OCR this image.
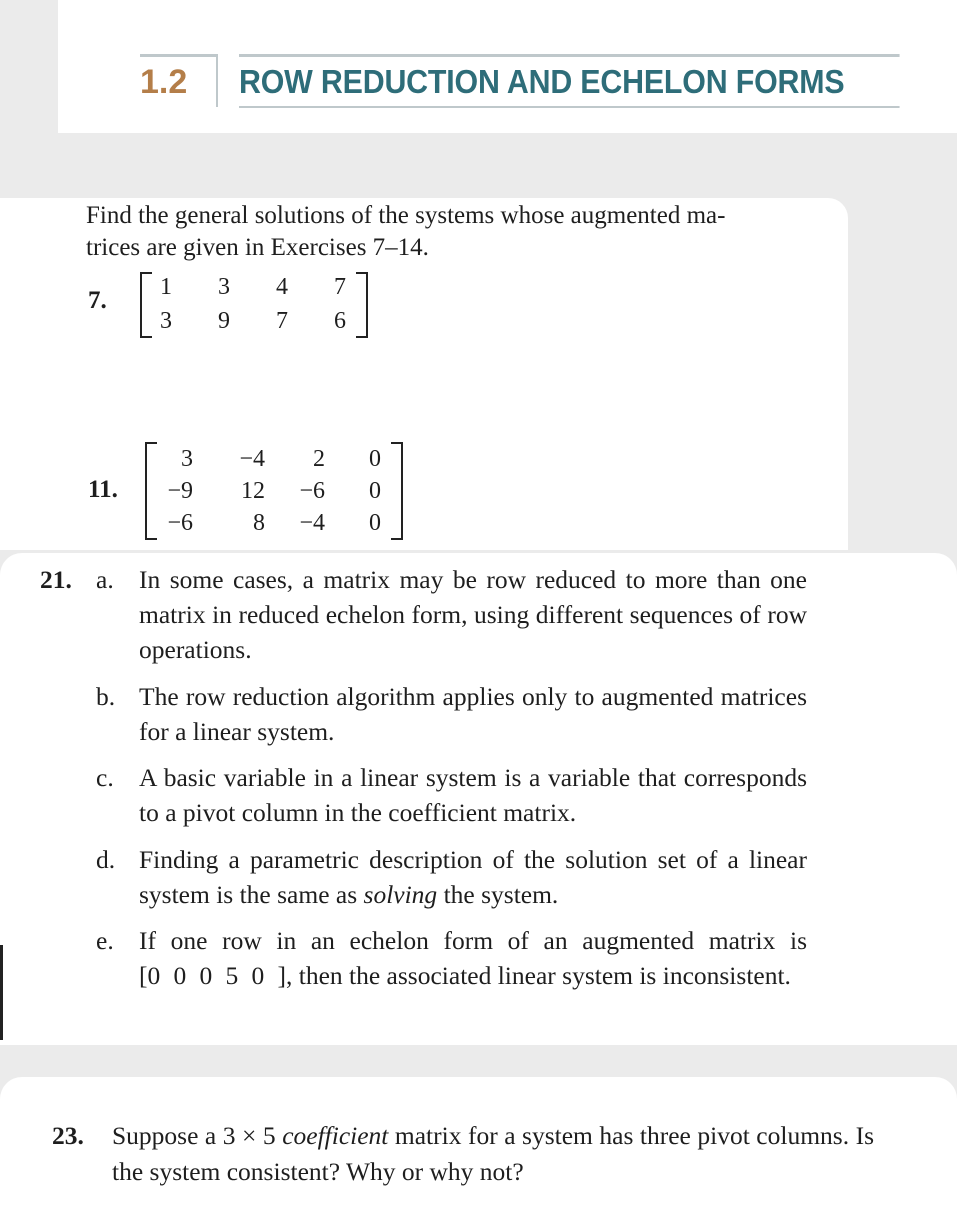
1.2	ROW REDUCTION AND ECHELON FORMS

Find the general solutions of the systems whose augmented ma-

trices are given in Exercises 7–14.

7.	1	3	4	7
3	9	7	6
11.
3	−4	2	0
−9	12	−6	0
−6	8	−4	0
21. a. In some cases, a matrix may be row reduced to more than one matrix in reduced echelon form, using different sequences of row operations.
b. The row reduction algorithm applies only to augmented matrices for a linear system.
c. A basic variable in a linear system is a variable that corresponds to a pivot column in the coefficient matrix.
d. Finding a parametric description of the solution set of a linear system is the same as solving the system.
e. If one row in an echelon form of an augmented matrix is [0 0 0 5 0 ], then the associated linear system is inconsistent.
23. Suppose a 3 × 5 coefficient matrix for a system has three pivot columns. Is the system consistent? Why or why not?
